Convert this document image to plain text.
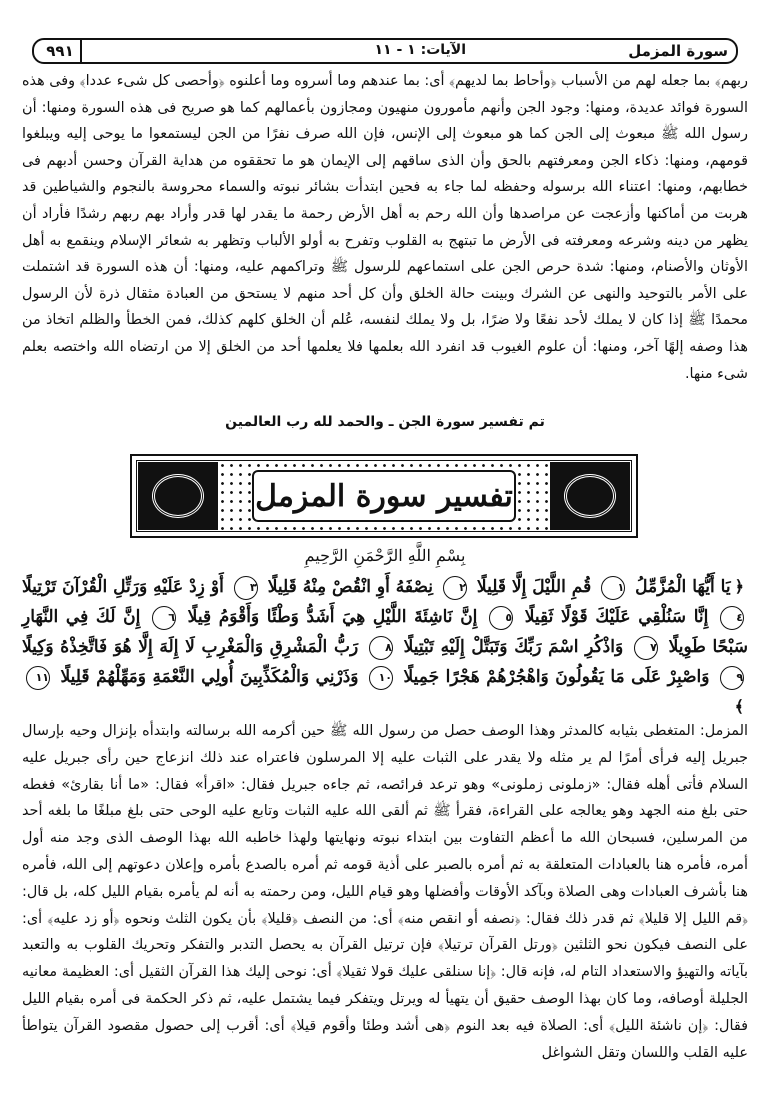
سورة المزمل
الآيات: ١ - ١١
٩٩١

ربهم﴾ بما جعله لهم من الأسباب ﴿وأحاط بما لديهم﴾ أى: بما عندهم وما أسروه وما أعلنوه ﴿وأحصى كل شىء عددا﴾ وفى هذه السورة فوائد عديدة، ومنها: وجود الجن وأنهم مأمورون منهيون ومجازون بأعمالهم كما هو صريح فى هذه السورة ومنها: أن رسول الله ﷺ مبعوث إلى الجن كما هو مبعوث إلى الإنس، فإن الله صرف نفرًا من الجن ليستمعوا ما يوحى إليه ويبلغوا قومهم، ومنها: ذكاء الجن ومعرفتهم بالحق وأن الذى ساقهم إلى الإيمان هو ما تحققوه من هداية القرآن وحسن أدبهم فى خطابهم، ومنها: اعتناء الله برسوله وحفظه لما جاء به فحين ابتدأت بشائر نبوته والسماء محروسة بالنجوم والشياطين قد هربت من أماكنها وأزعجت عن مراصدها وأن الله رحم به أهل الأرض رحمة ما يقدر لها قدر وأراد بهم ربهم رشدًا فأراد أن يظهر من دينه وشرعه ومعرفته فى الأرض ما تبتهج به القلوب وتفرح به أولو الألباب وتظهر به شعائر الإسلام وينقمع به أهل الأوثان والأصنام، ومنها: شدة حرص الجن على استماعهم للرسول ﷺ وتراكمهم عليه، ومنها: أن هذه السورة قد اشتملت على الأمر بالتوحيد والنهى عن الشرك وبينت حالة الخلق وأن كل أحد منهم لا يستحق من العبادة مثقال ذرة لأن الرسول محمدًا ﷺ إذا كان لا يملك لأحد نفعًا ولا ضرًا، بل ولا يملك لنفسه، عُلم أن الخلق كلهم كذلك، فمن الخطأ والظلم اتخاذ من هذا وصفه إلهًا آخر، ومنها: أن علوم الغيوب قد انفرد الله بعلمها فلا يعلمها أحد من الخلق إلا من ارتضاه الله واختصه بعلم شىء منها.

تم تفسير سورة الجن ـ والحمد لله رب العالمين
تفسير سورة المزمل
بِسْمِ اللَّهِ الرَّحْمَنِ الرَّحِيمِ

﴿يَا أَيُّهَا الْمُزَّمِّلُ ١ قُمِ اللَّيْلَ إِلَّا قَلِيلًا ٢ نِصْفَهُ أَوِ انْقُصْ مِنْهُ قَلِيلًا ٣ أَوْ زِدْ عَلَيْهِ وَرَتِّلِ الْقُرْآنَ تَرْتِيلًا ٤ إِنَّا سَنُلْقِي عَلَيْكَ قَوْلًا ثَقِيلًا ٥ إِنَّ نَاشِئَةَ اللَّيْلِ هِيَ أَشَدُّ وَطْئًا وَأَقْوَمُ قِيلًا ٦ إِنَّ لَكَ فِي النَّهَارِ سَبْحًا طَوِيلًا ٧ وَاذْكُرِ اسْمَ رَبِّكَ وَتَبَتَّلْ إِلَيْهِ تَبْتِيلًا ٨ رَبُّ الْمَشْرِقِ وَالْمَغْرِبِ لَا إِلَهَ إِلَّا هُوَ فَاتَّخِذْهُ وَكِيلًا ٩ وَاصْبِرْ عَلَى مَا يَقُولُونَ وَاهْجُرْهُمْ هَجْرًا جَمِيلًا ١٠ وَذَرْنِي وَالْمُكَذِّبِينَ أُولِي النَّعْمَةِ وَمَهِّلْهُمْ قَلِيلًا ١١ ﴾

المزمل: المتغطى بثيابه كالمدثر وهذا الوصف حصل من رسول الله ﷺ حين أكرمه الله برسالته وابتدأه بإنزال وحيه بإرسال جبريل إليه فرأى أمرًا لم ير مثله ولا يقدر على الثبات عليه إلا المرسلون فاعتراه عند ذلك انزعاج حين رأى جبريل عليه السلام فأتى أهله فقال: «زملونى زملونى» وهو ترعد فرائصه، ثم جاءه جبريل فقال: «اقرأ» فقال: «ما أنا بقارئ» فغطه حتى بلغ منه الجهد وهو يعالجه على القراءة، فقرأ ﷺ ثم ألقى الله عليه الثبات وتابع عليه الوحى حتى بلغ مبلغًا ما بلغه أحد من المرسلين، فسبحان الله ما أعظم التفاوت بين ابتداء نبوته ونهايتها ولهذا خاطبه الله بهذا الوصف الذى وجد منه أول أمره، فأمره هنا بالعبادات المتعلقة به ثم أمره بالصبر على أذية قومه ثم أمره بالصدع بأمره وإعلان دعوتهم إلى الله، فأمره هنا بأشرف العبادات وهى الصلاة وبآكد الأوقات وأفضلها وهو قيام الليل، ومن رحمته به أنه لم يأمره بقيام الليل كله، بل قال: ﴿قم الليل إلا قليلا﴾ ثم قدر ذلك فقال: ﴿نصفه أو انقص منه﴾ أى: من النصف ﴿قليلا﴾ بأن يكون الثلث ونحوه ﴿أو زد عليه﴾ أى: على النصف فيكون نحو الثلثين ﴿ورتل القرآن ترتيلا﴾ فإن ترتيل القرآن به يحصل التدبر والتفكر وتحريك القلوب به والتعبد بآياته والتهيؤ والاستعداد التام له، فإنه قال: ﴿إنا سنلقى عليك قولا ثقيلا﴾ أى: نوحى إليك هذا القرآن الثقيل أى: العظيمة معانيه الجليلة أوصافه، وما كان بهذا الوصف حقيق أن يتهيأ له ويرتل ويتفكر فيما يشتمل عليه، ثم ذكر الحكمة فى أمره بقيام الليل فقال: ﴿إن ناشئة الليل﴾ أى: الصلاة فيه بعد النوم ﴿هى أشد وطئا وأقوم قيلا﴾ أى: أقرب إلى حصول مقصود القرآن يتواطأ عليه القلب واللسان وتقل الشواغل
